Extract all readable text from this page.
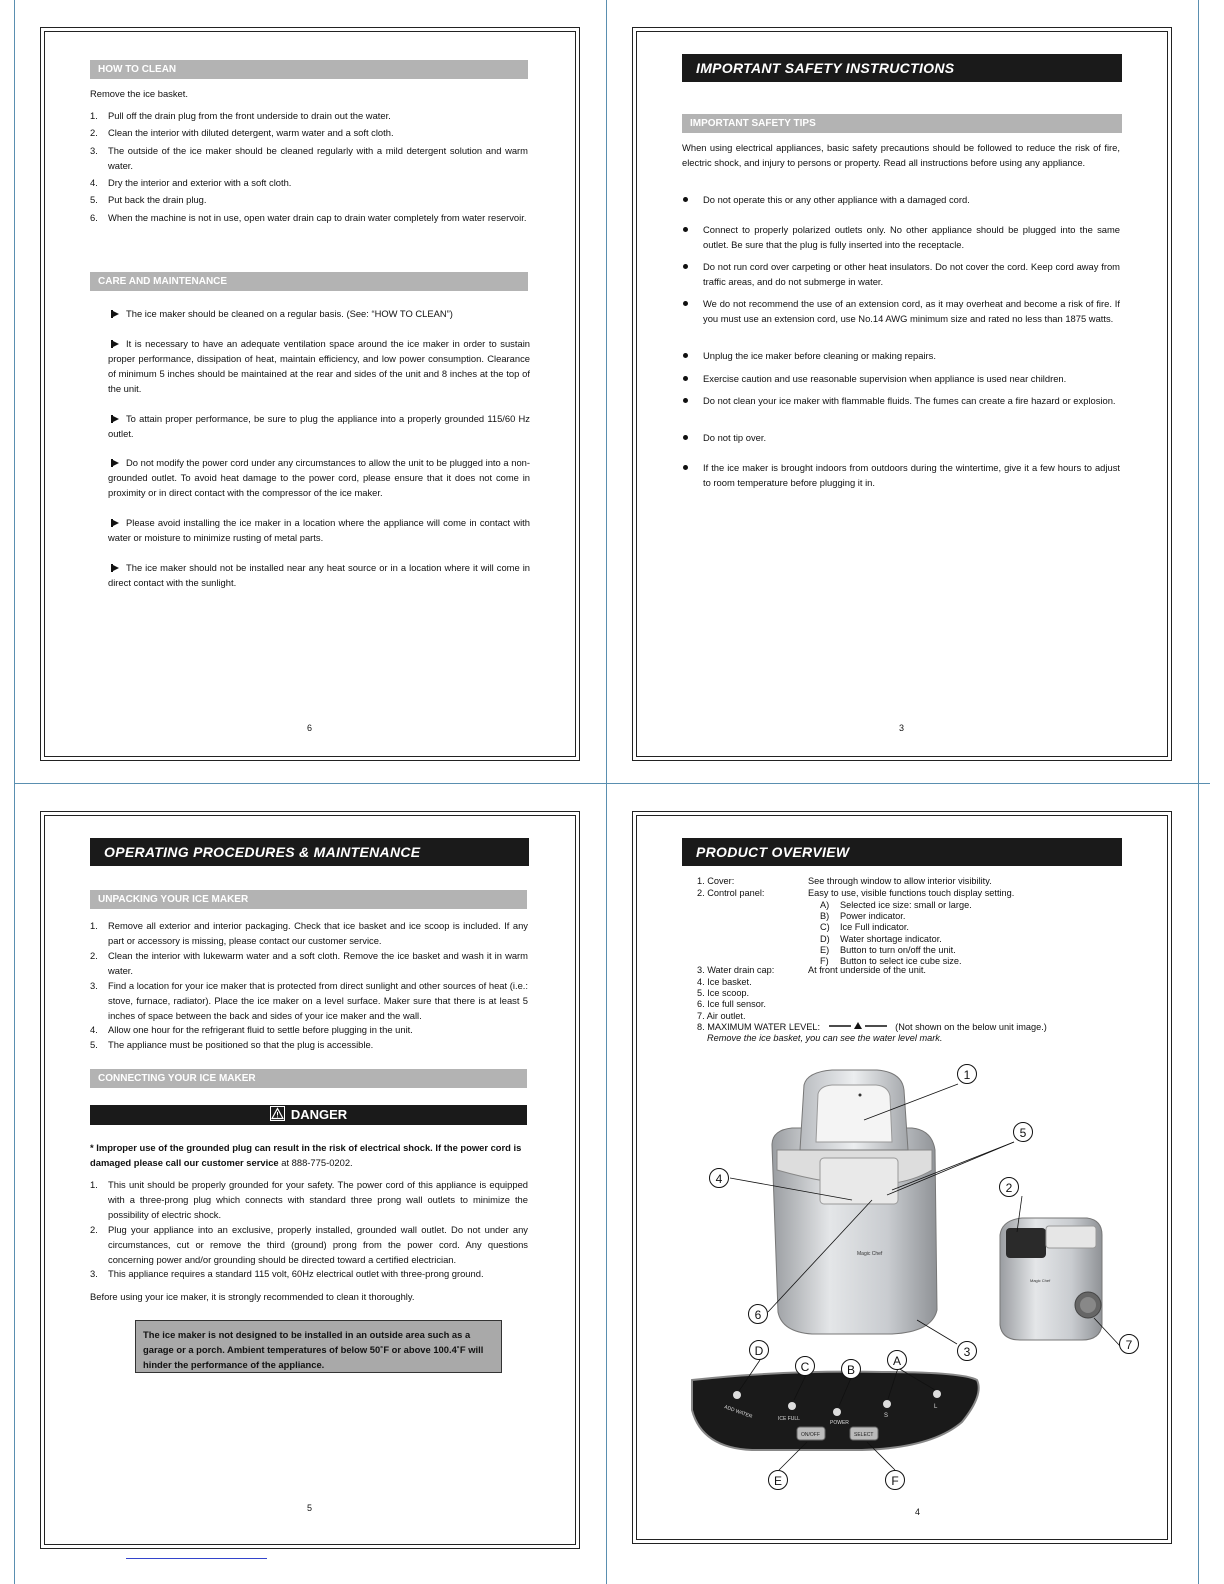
HOW TO CLEAN
Remove the ice basket.
CARE AND MAINTENANCE
6
IMPORTANT SAFETY INSTRUCTIONS
IMPORTANT SAFETY TIPS
When using electrical appliances, basic safety precautions should be followed to reduce the risk of fire, electric shock, and injury to persons or property. Read all instructions before using any appliance.
3
OPERATING PROCEDURES & MAINTENANCE
UNPACKING YOUR ICE MAKER
CONNECTING YOUR ICE MAKER
DANGER
* Improper use of the grounded plug can result in the risk of electrical shock. If the power cord is damaged please call our customer service at 888-775-0202.
Before using your ice maker, it is strongly recommended to clean it thoroughly.
The ice maker is not designed to be installed in an outside area such as a garage or a porch. Ambient temperatures of below 50˚F or above 100.4˚F will hinder the performance of the appliance.
5
PRODUCT OVERVIEW
1. Cover:	See through window to allow interior visibility.
2. Control panel:	Easy to use, visible functions touch display setting.
3. Water drain cap:	At front underside of the unit.
8. MAXIMUM WATER LEVEL:	(Not shown on the below unit image.)
Remove the ice basket, you can see the water level mark.
Magic Chef
Magic Chef
ADD WATER	ICE FULL
POWER
S
L
ON/OFF	SELECT
1
5
4
2
6
3	7
D
C	B
A
E	F
4
1. Pull off the drain plug from the front underside to drain out the water.
2. Clean the interior with diluted detergent, warm water and a soft cloth.
3. The outside of the ice maker should be cleaned regularly with a mild detergent solution and warm water.
4. Dry the interior and exterior with a soft cloth.
5. Put back the drain plug.
6. When the machine is not in use, open water drain cap to drain water completely from water reservoir.
The ice maker should be cleaned on a regular basis. (See: “HOW TO CLEAN”)
It is necessary to have an adequate ventilation space around the ice maker in order to sustain proper performance, dissipation of heat, maintain efficiency, and low power consumption. Clearance of minimum 5 inches should be maintained at the rear and sides of the unit and 8 inches at the top of the unit.
To attain proper performance, be sure to plug the appliance into a properly grounded 115/60 Hz outlet.
Do not modify the power cord under any circumstances to allow the unit to be plugged into a non-grounded outlet. To avoid heat damage to the power cord, please ensure that it does not come in proximity or in direct contact with the compressor of the ice maker.
Please avoid installing the ice maker in a location where the appliance will come in contact with water or moisture to minimize rusting of metal parts.
The ice maker should not be installed near any heat source or in a location where it will come in direct contact with the sunlight.
Do not operate this or any other appliance with a damaged cord.
Connect to properly polarized outlets only. No other appliance should be plugged into the same outlet. Be sure that the plug is fully inserted into the receptacle.
Do not run cord over carpeting or other heat insulators. Do not cover the cord. Keep cord away from traffic areas, and do not submerge in water.
We do not recommend the use of an extension cord, as it may overheat and become a risk of fire. If you must use an extension cord, use No.14 AWG minimum size and rated no less than 1875 watts.
Unplug the ice maker before cleaning or making repairs.
Exercise caution and use reasonable supervision when appliance is used near children.
Do not clean your ice maker with flammable fluids. The fumes can create a fire hazard or explosion.
Do not tip over.
If the ice maker is brought indoors from outdoors during the wintertime, give it a few hours to adjust to room temperature before plugging it in.
1. Remove all exterior and interior packaging. Check that ice basket and ice scoop is included. If any part or accessory is missing, please contact our customer service.
2. Clean the interior with lukewarm water and a soft cloth. Remove the ice basket and wash it in warm water.
3. Find a location for your ice maker that is protected from direct sunlight and other sources of heat (i.e.: stove, furnace, radiator). Place the ice maker on a level surface. Maker sure that there is at least 5 inches of space between the back and sides of your ice maker and the wall.
4. Allow one hour for the refrigerant fluid to settle before plugging in the unit.
5. The appliance must be positioned so that the plug is accessible.
1. This unit should be properly grounded for your safety. The power cord of this appliance is equipped with a three-prong plug which connects with standard three prong wall outlets to minimize the possibility of electric shock.
2. Plug your appliance into an exclusive, properly installed, grounded wall outlet. Do not under any circumstances, cut or remove the third (ground) prong from the power cord. Any questions concerning power and/or grounding should be directed toward a certified electrician.
3. This appliance requires a standard 115 volt, 60Hz electrical outlet with three-prong ground.
A) Selected ice size: small or large.
B) Power indicator.
C) Ice Full indicator.
D) Water shortage indicator.
E) Button to turn on/off the unit.
F) Button to select ice cube size.
4. Ice basket.
5. Ice scoop.
6. Ice full sensor.
7. Air outlet.
